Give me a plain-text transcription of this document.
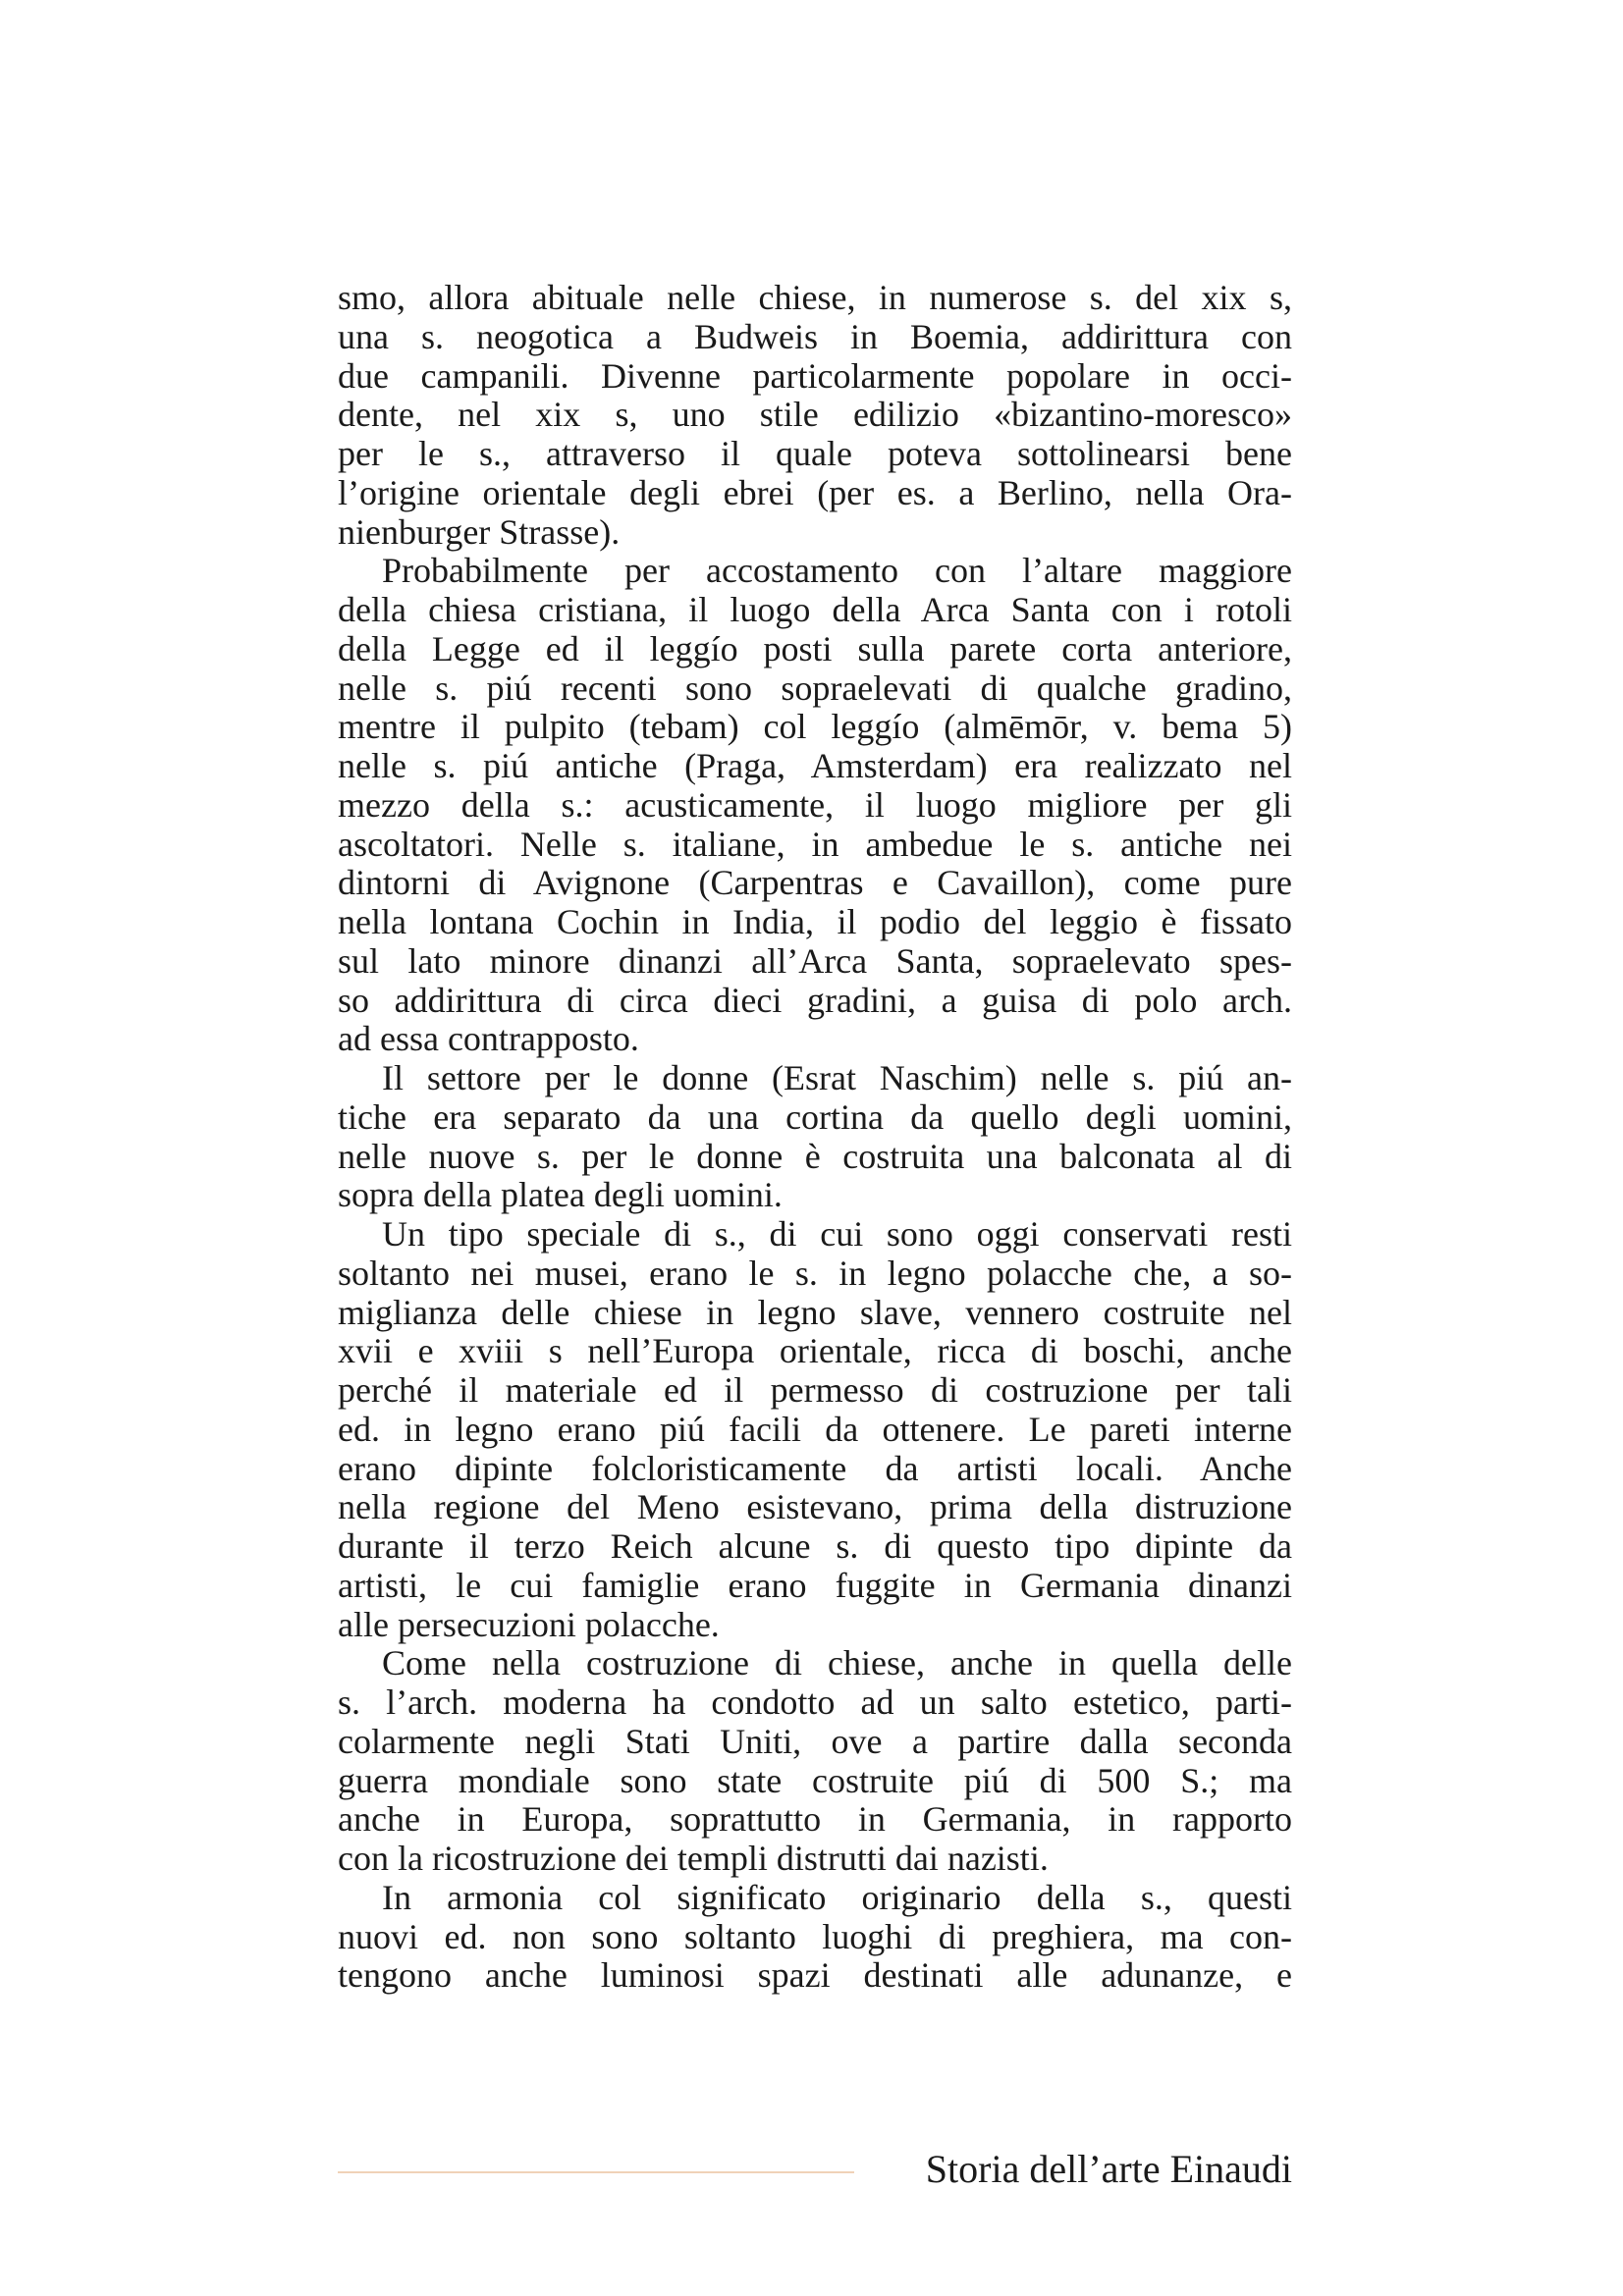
smo, allora abituale nelle chiese, in numerose s. del xix s,
una s. neogotica a Budweis in Boemia, addirittura con
due campanili. Divenne particolarmente popolare in occi-
dente, nel xix s, uno stile edilizio «bizantino-moresco»
per le s., attraverso il quale poteva sottolinearsi bene
l’origine orientale degli ebrei (per es. a Berlino, nella Ora-
nienburger Strasse).
Probabilmente per accostamento con l’altare maggiore
della chiesa cristiana, il luogo della Arca Santa con i rotoli
della Legge ed il leggío posti sulla parete corta anteriore,
nelle s. piú recenti sono sopraelevati di qualche gradino,
mentre il pulpito (tebam) col leggío (almēmōr, v. bema 5)
nelle s. piú antiche (Praga, Amsterdam) era realizzato nel
mezzo della s.: acusticamente, il luogo migliore per gli
ascoltatori. Nelle s. italiane, in ambedue le s. antiche nei
dintorni di Avignone (Carpentras e Cavaillon), come pure
nella lontana Cochin in India, il podio del leggio è fissato
sul lato minore dinanzi all’Arca Santa, sopraelevato spes-
so addirittura di circa dieci gradini, a guisa di polo arch.
ad essa contrapposto.
Il settore per le donne (Esrat Naschim) nelle s. piú an-
tiche era separato da una cortina da quello degli uomini,
nelle nuove s. per le donne è costruita una balconata al di
sopra della platea degli uomini.
Un tipo speciale di s., di cui sono oggi conservati resti
soltanto nei musei, erano le s. in legno polacche che, a so-
miglianza delle chiese in legno slave, vennero costruite nel
xvii e xviii s nell’Europa orientale, ricca di boschi, anche
perché il materiale ed il permesso di costruzione per tali
ed. in legno erano piú facili da ottenere. Le pareti interne
erano dipinte folcloristicamente da artisti locali. Anche
nella regione del Meno esistevano, prima della distruzione
durante il terzo Reich alcune s. di questo tipo dipinte da
artisti, le cui famiglie erano fuggite in Germania dinanzi
alle persecuzioni polacche.
Come nella costruzione di chiese, anche in quella delle
s. l’arch. moderna ha condotto ad un salto estetico, parti-
colarmente negli Stati Uniti, ove a partire dalla seconda
guerra mondiale sono state costruite piú di 500 S.; ma
anche in Europa, soprattutto in Germania, in rapporto
con la ricostruzione dei templi distrutti dai nazisti.
In armonia col significato originario della s., questi
nuovi ed. non sono soltanto luoghi di preghiera, ma con-
tengono anche luminosi spazi destinati alle adunanze, e
Storia dell’arte Einaudi
